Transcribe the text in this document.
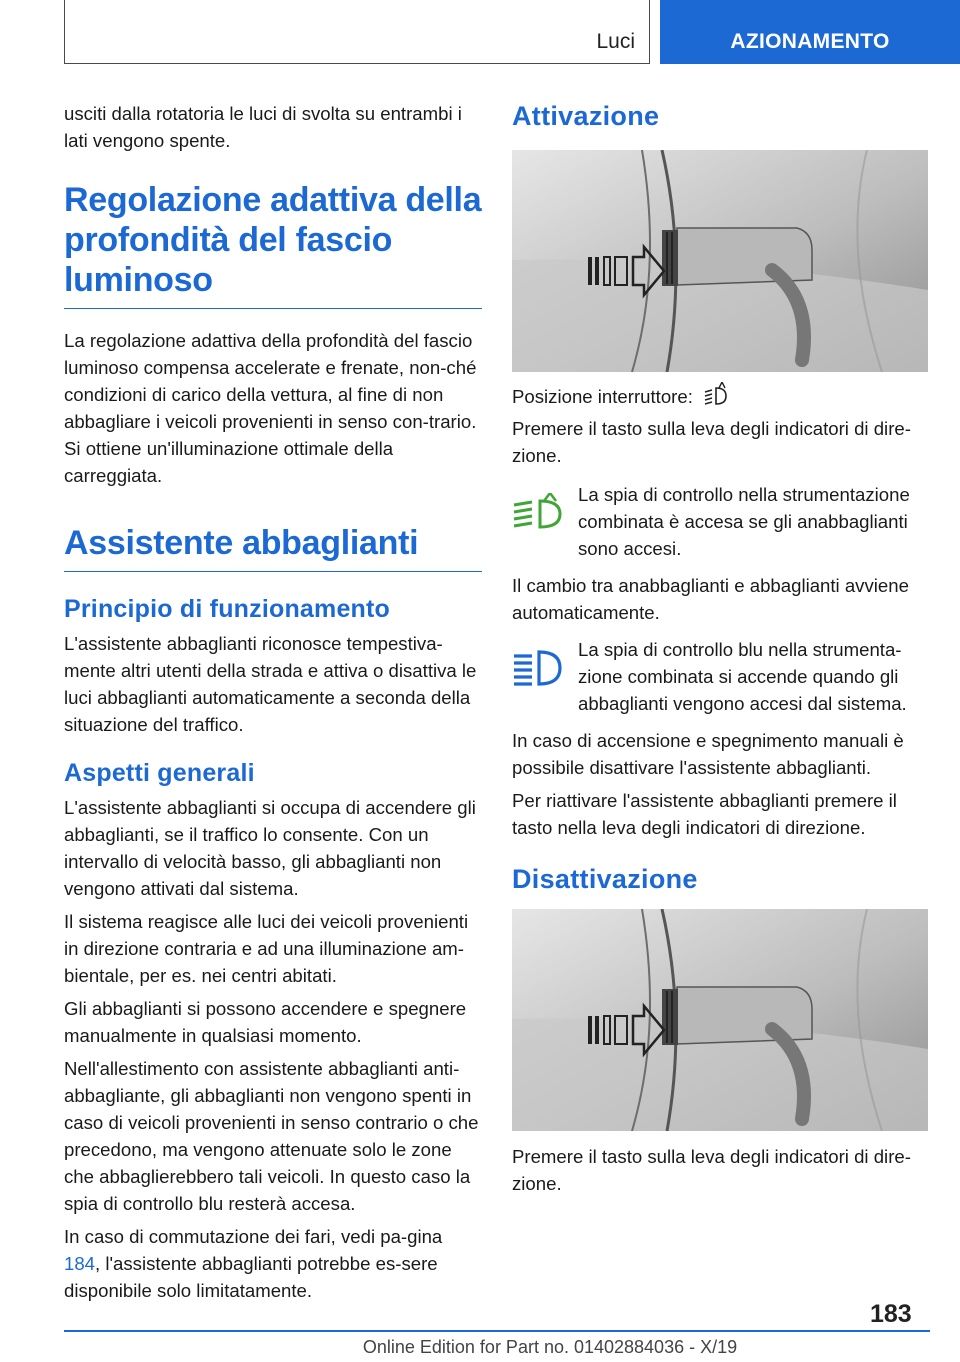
Luci	AZIONAMENTO

usciti dalla rotatoria le luci di svolta su entrambi i lati vengono spente.

Regolazione adattiva della profondità del fascio luminoso

La regolazione adattiva della profondità del fascio luminoso compensa accelerate e frenate, non-ché condizioni di carico della vettura, al fine di non abbagliare i veicoli provenienti in senso con-trario. Si ottiene un'illuminazione ottimale della carreggiata.

Assistente abbaglianti
Principio di funzionamento

L'assistente abbaglianti riconosce tempestiva-mente altri utenti della strada e attiva o disattiva le luci abbaglianti automaticamente a seconda della situazione del traffico.

Aspetti generali

L'assistente abbaglianti si occupa di accendere gli abbaglianti, se il traffico lo consente. Con un intervallo di velocità basso, gli abbaglianti non vengono attivati dal sistema.

Il sistema reagisce alle luci dei veicoli provenienti in direzione contraria e ad una illuminazione am-bientale, per es. nei centri abitati.

Gli abbaglianti si possono accendere e spegnere manualmente in qualsiasi momento.

Nell'allestimento con assistente abbaglianti anti-abbagliante, gli abbaglianti non vengono spenti in caso di veicoli provenienti in senso contrario o che precedono, ma vengono attenuate solo le zone che abbaglierebbero tali veicoli. In questo caso la spia di controllo blu resterà accesa.

In caso di commutazione dei fari, vedi pa-gina 184, l'assistente abbaglianti potrebbe es-sere disponibile solo limitatamente.

Attivazione
Posizione interruttore:

Premere il tasto sulla leva degli indicatori di dire-zione.

La spia di controllo nella strumentazione combinata è accesa se gli anabbaglianti sono accesi.

Il cambio tra anabbaglianti e abbaglianti avviene automaticamente.

La spia di controllo blu nella strumenta-zione combinata si accende quando gli abbaglianti vengono accesi dal sistema.

In caso di accensione e spegnimento manuali è possibile disattivare l'assistente abbaglianti.

Per riattivare l'assistente abbaglianti premere il tasto nella leva degli indicatori di direzione.

Disattivazione

Premere il tasto sulla leva degli indicatori di dire-zione.

183
Online Edition for Part no. 01402884036 - X/19
